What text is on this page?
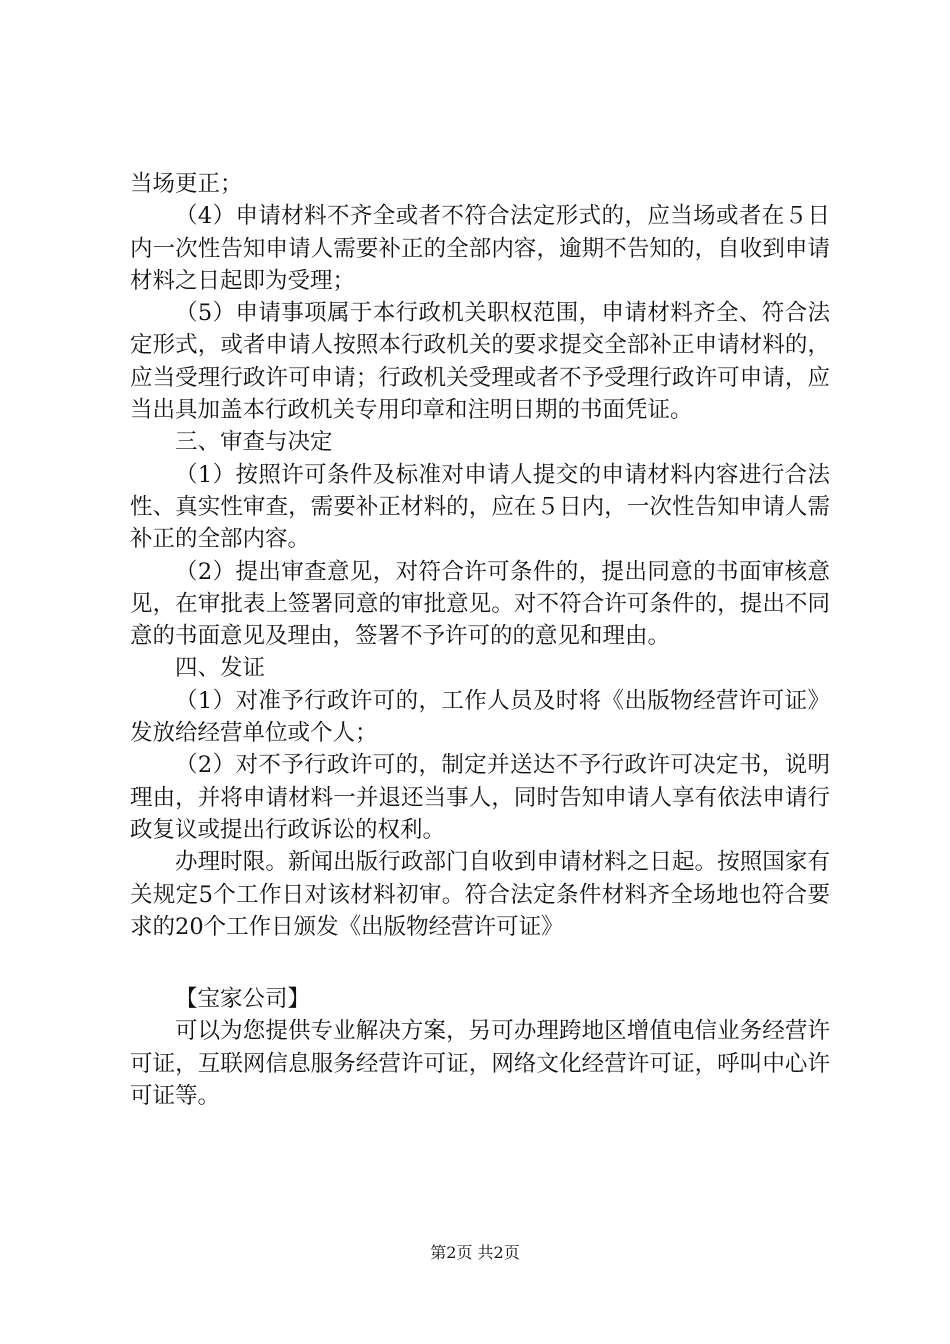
当场更正；

（4）申请材料不齐全或者不符合法定形式的，应当场或者在５日内一次性告知申请人需要补正的全部内容，逾期不告知的，自收到申请材料之日起即为受理；

（5）申请事项属于本行政机关职权范围，申请材料齐全、符合法定形式，或者申请人按照本行政机关的要求提交全部补正申请材料的，应当受理行政许可申请；行政机关受理或者不予受理行政许可申请，应当出具加盖本行政机关专用印章和注明日期的书面凭证。

三、审查与决定

（1）按照许可条件及标准对申请人提交的申请材料内容进行合法性、真实性审查，需要补正材料的，应在５日内，一次性告知申请人需补正的全部内容。

（2）提出审查意见，对符合许可条件的，提出同意的书面审核意见，在审批表上签署同意的审批意见。对不符合许可条件的，提出不同意的书面意见及理由，签署不予许可的的意见和理由。

四、发证

（1）对准予行政许可的，工作人员及时将《出版物经营许可证》发放给经营单位或个人；

（2）对不予行政许可的，制定并送达不予行政许可决定书，说明理由，并将申请材料一并退还当事人，同时告知申请人享有依法申请行政复议或提出行政诉讼的权利。

办理时限。新闻出版行政部门自收到申请材料之日起。按照国家有关规定5个工作日对该材料初审。符合法定条件材料齐全场地也符合要求的20个工作日颁发《出版物经营许可证》

【宝家公司】

可以为您提供专业解决方案，另可办理跨地区增值电信业务经营许可证，互联网信息服务经营许可证，网络文化经营许可证，呼叫中心许可证等。

第2页 共2页
